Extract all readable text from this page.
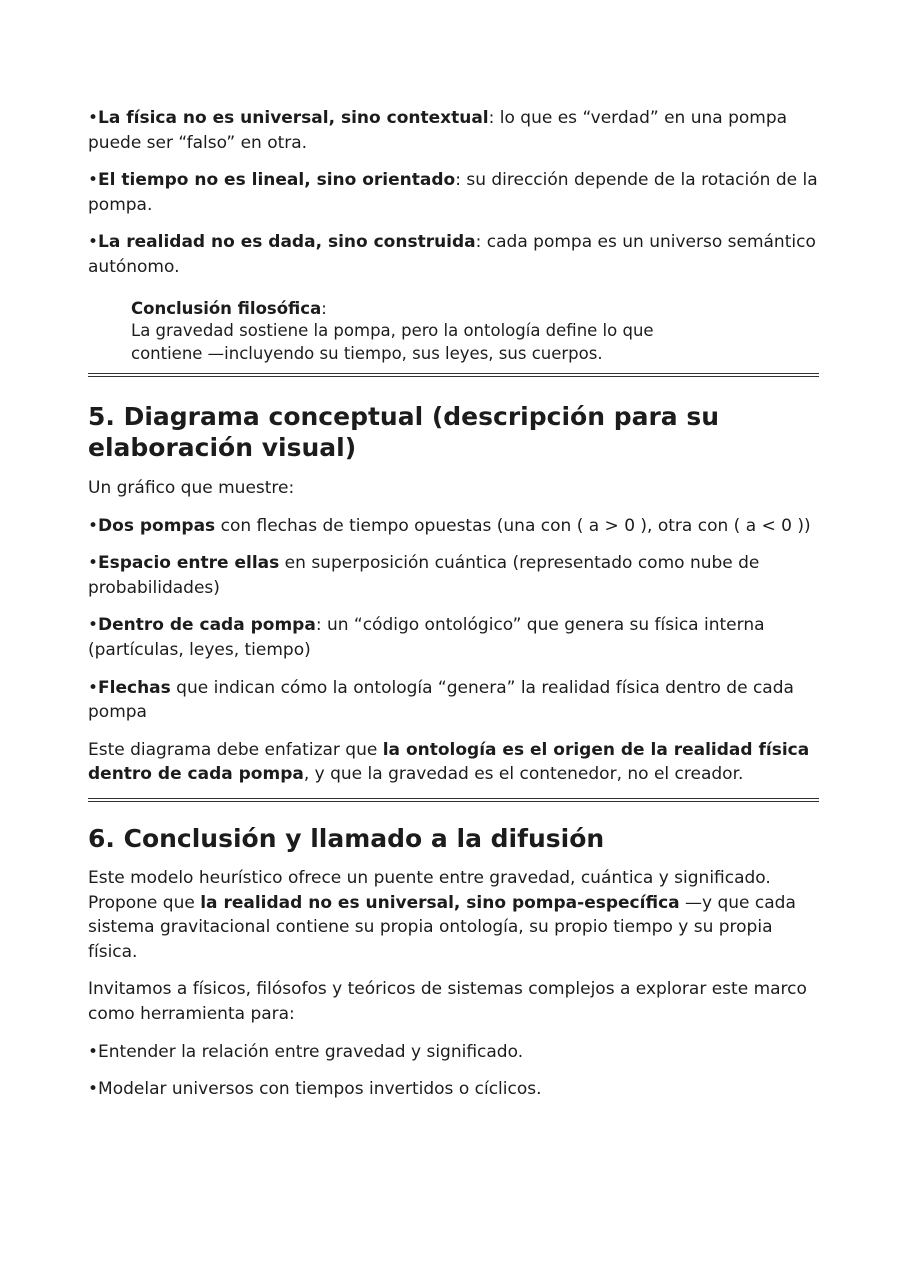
•La física no es universal, sino contextual: lo que es “verdad” en una pompa puede ser “falso” en otra.

•El tiempo no es lineal, sino orientado: su dirección depende de la rotación de la pompa.

•La realidad no es dada, sino construida: cada pompa es un universo semántico autónomo.

Conclusión filosófica:
La gravedad sostiene la pompa, pero la ontología define lo que
contiene —incluyendo su tiempo, sus leyes, sus cuerpos.
5. Diagrama conceptual (descripción para su elaboración visual)

Un gráfico que muestre:

•Dos pompas con flechas de tiempo opuestas (una con ( a > 0 ), otra con ( a < 0 ))

•Espacio entre ellas en superposición cuántica (representado como nube de probabilidades)

•Dentro de cada pompa: un “código ontológico” que genera su física interna (partículas, leyes, tiempo)

•Flechas que indican cómo la ontología “genera” la realidad física dentro de cada pompa

Este diagrama debe enfatizar que la ontología es el origen de la realidad física dentro de cada pompa, y que la gravedad es el contenedor, no el creador.

6. Conclusión y llamado a la difusión

Este modelo heurístico ofrece un puente entre gravedad, cuántica y significado. Propone que la realidad no es universal, sino pompa-específica —y que cada sistema gravitacional contiene su propia ontología, su propio tiempo y su propia física.

Invitamos a físicos, filósofos y teóricos de sistemas complejos a explorar este marco como herramienta para:

•Entender la relación entre gravedad y significado.

•Modelar universos con tiempos invertidos o cíclicos.
